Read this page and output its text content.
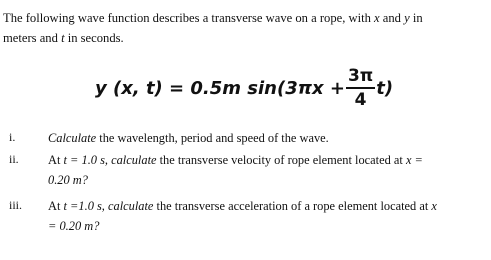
The following wave function describes a transverse wave on a rope, with x and y in
meters and t in seconds.
y (x, t) = 0.5m $\sin(3\pi x + \frac{3\pi}{4} t)$
i.	Calculate the wavelength, period and speed of the wave.
ii. At t = 1.0 s, calculate the transverse velocity of rope element located at x =
0.20 m?
iii. At t =1.0 s, calculate the transverse acceleration of a rope element located at x
= 0.20 m?
